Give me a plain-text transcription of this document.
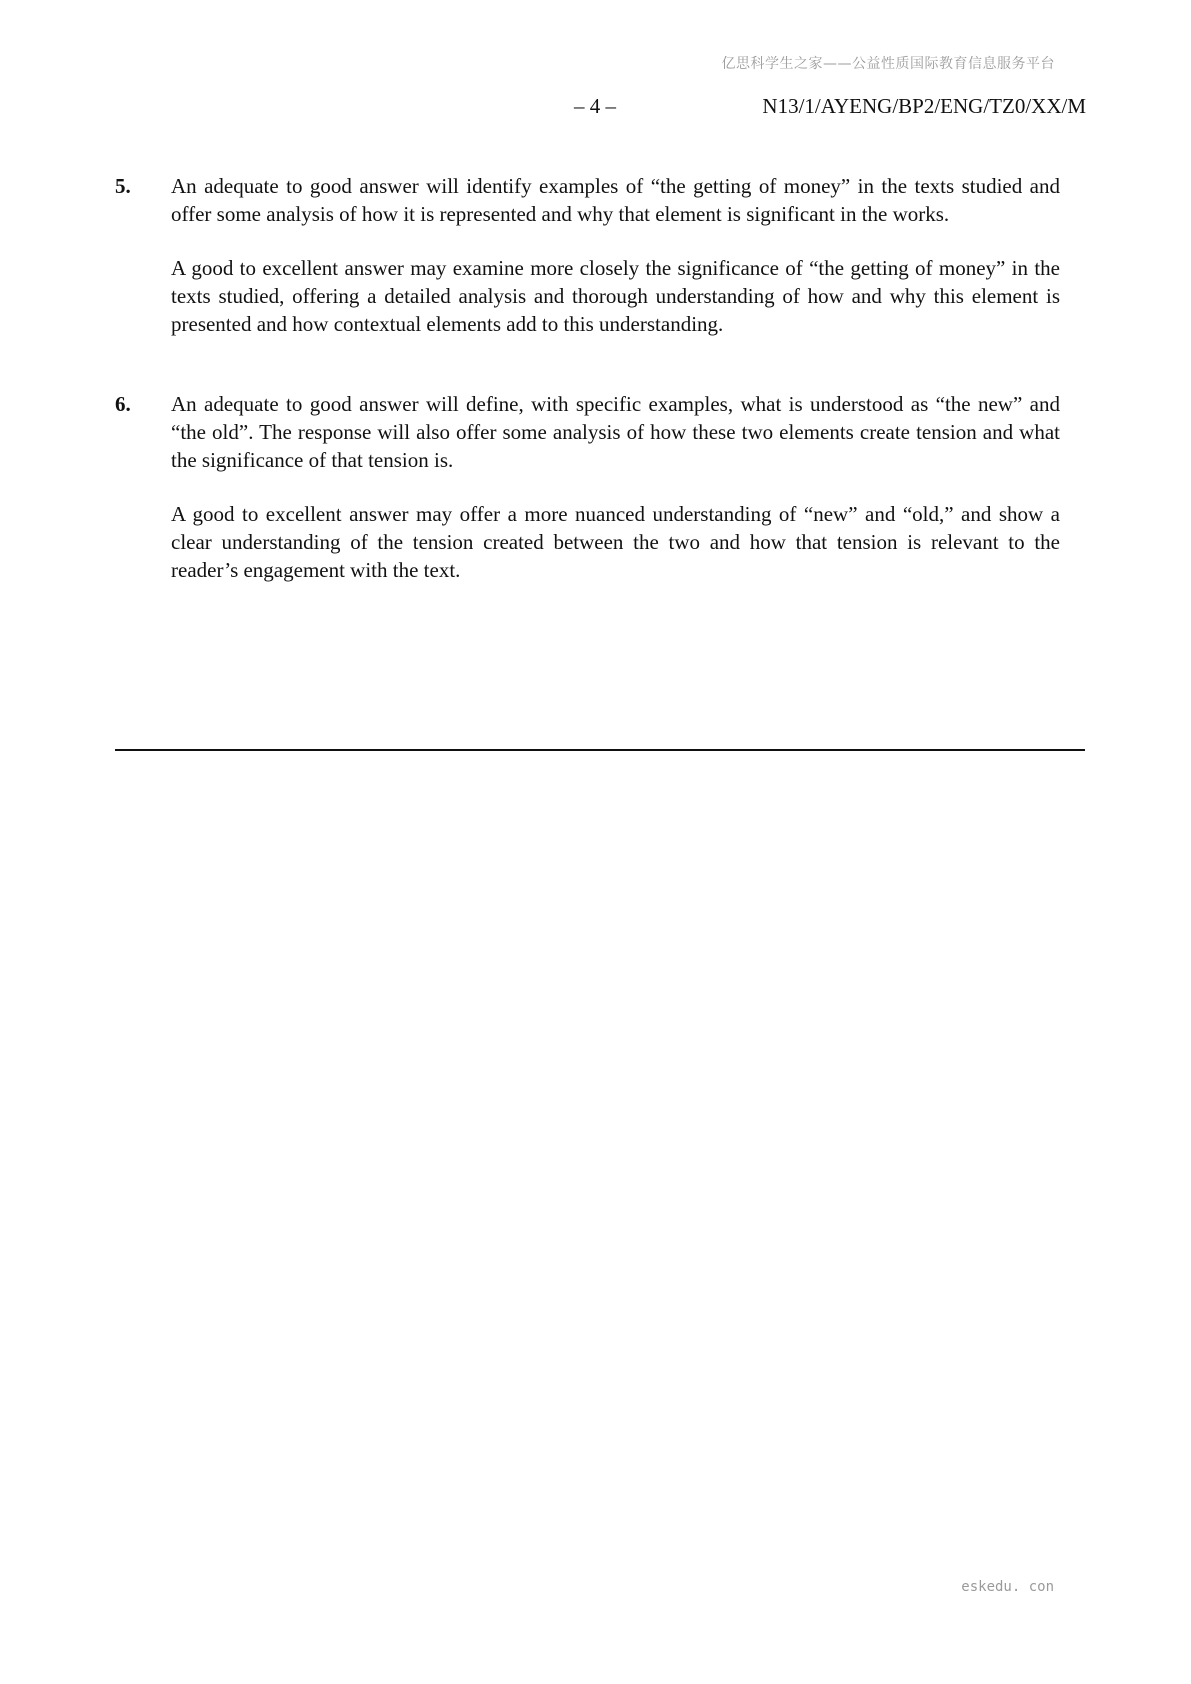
亿思科学生之家——公益性质国际教育信息服务平台
– 4 –	N13/1/AYENG/BP2/ENG/TZ0/XX/M
5. An adequate to good answer will identify examples of “the getting of money” in the texts studied and offer some analysis of how it is represented and why that element is significant in the works.

A good to excellent answer may examine more closely the significance of “the getting of money” in the texts studied, offering a detailed analysis and thorough understanding of how and why this element is presented and how contextual elements add to this understanding.

6. An adequate to good answer will define, with specific examples, what is understood as “the new” and “the old”. The response will also offer some analysis of how these two elements create tension and what the significance of that tension is.

A good to excellent answer may offer a more nuanced understanding of “new” and “old,” and show a clear understanding of the tension created between the two and how that tension is relevant to the reader’s engagement with the text.

eskedu. con
